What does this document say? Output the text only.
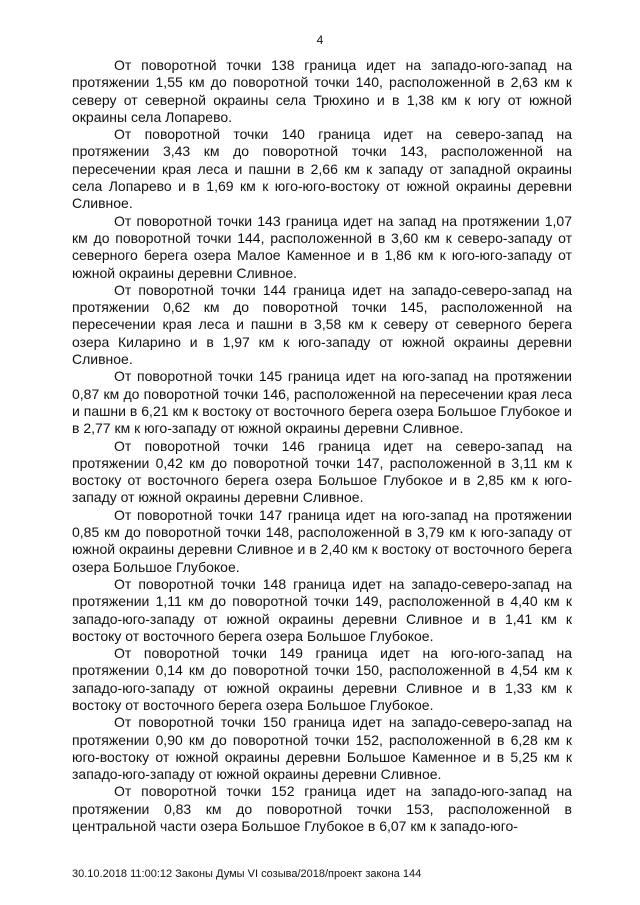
4

От поворотной точки 138 граница идет на западо-юго-запад на протяжении 1,55 км до поворотной точки 140, расположенной в 2,63 км к северу от северной окраины села Трюхино и в 1,38 км к югу от южной окраины села Лопарево.

От поворотной точки 140 граница идет на северо-запад на протяжении 3,43 км до поворотной точки 143, расположенной на пересечении края леса и пашни в 2,66 км к западу от западной окраины села Лопарево и в 1,69 км к юго-юго-востоку от южной окраины деревни Сливное.

От поворотной точки 143 граница идет на запад на протяжении 1,07 км до поворотной точки 144, расположенной в 3,60 км к северо-западу от северного берега озера Малое Каменное и в 1,86 км к юго-юго-западу от южной окраины деревни Сливное.

От поворотной точки 144 граница идет на западо-северо-запад на протяжении 0,62 км до поворотной точки 145, расположенной на пересечении края леса и пашни в 3,58 км к северу от северного берега озера Киларино и в 1,97 км к юго-западу от южной окраины деревни Сливное.

От поворотной точки 145 граница идет на юго-запад на протяжении 0,87 км до поворотной точки 146, расположенной на пересечении края леса и пашни в 6,21 км к востоку от восточного берега озера Большое Глубокое и в 2,77 км к юго-западу от южной окраины деревни Сливное.

От поворотной точки 146 граница идет на северо-запад на протяжении 0,42 км до поворотной точки 147, расположенной в 3,11 км к востоку от восточного берега озера Большое Глубокое и в 2,85 км к юго-западу от южной окраины деревни Сливное.

От поворотной точки 147 граница идет на юго-запад на протяжении 0,85 км до поворотной точки 148, расположенной в 3,79 км к юго-западу от южной окраины деревни Сливное и в 2,40 км к востоку от восточного берега озера Большое Глубокое.

От поворотной точки 148 граница идет на западо-северо-запад на протяжении 1,11 км до поворотной точки 149, расположенной в 4,40 км к западо-юго-западу от южной окраины деревни Сливное и в 1,41 км к востоку от восточного берега озера Большое Глубокое.

От поворотной точки 149 граница идет на юго-юго-запад на протяжении 0,14 км до поворотной точки 150, расположенной в 4,54 км к западо-юго-западу от южной окраины деревни Сливное и в 1,33 км к востоку от восточного берега озера Большое Глубокое.

От поворотной точки 150 граница идет на западо-северо-запад на протяжении 0,90 км до поворотной точки 152, расположенной в 6,28 км к юго-востоку от южной окраины деревни Большое Каменное и в 5,25 км к западо-юго-западу от южной окраины деревни Сливное.

От поворотной точки 152 граница идет на западо-юго-запад на протяжении 0,83 км до поворотной точки 153, расположенной в центральной части озера Большое Глубокое в 6,07 км к западо-юго-

30.10.2018 11:00:12 Законы Думы VI созыва/2018/проект закона 144
